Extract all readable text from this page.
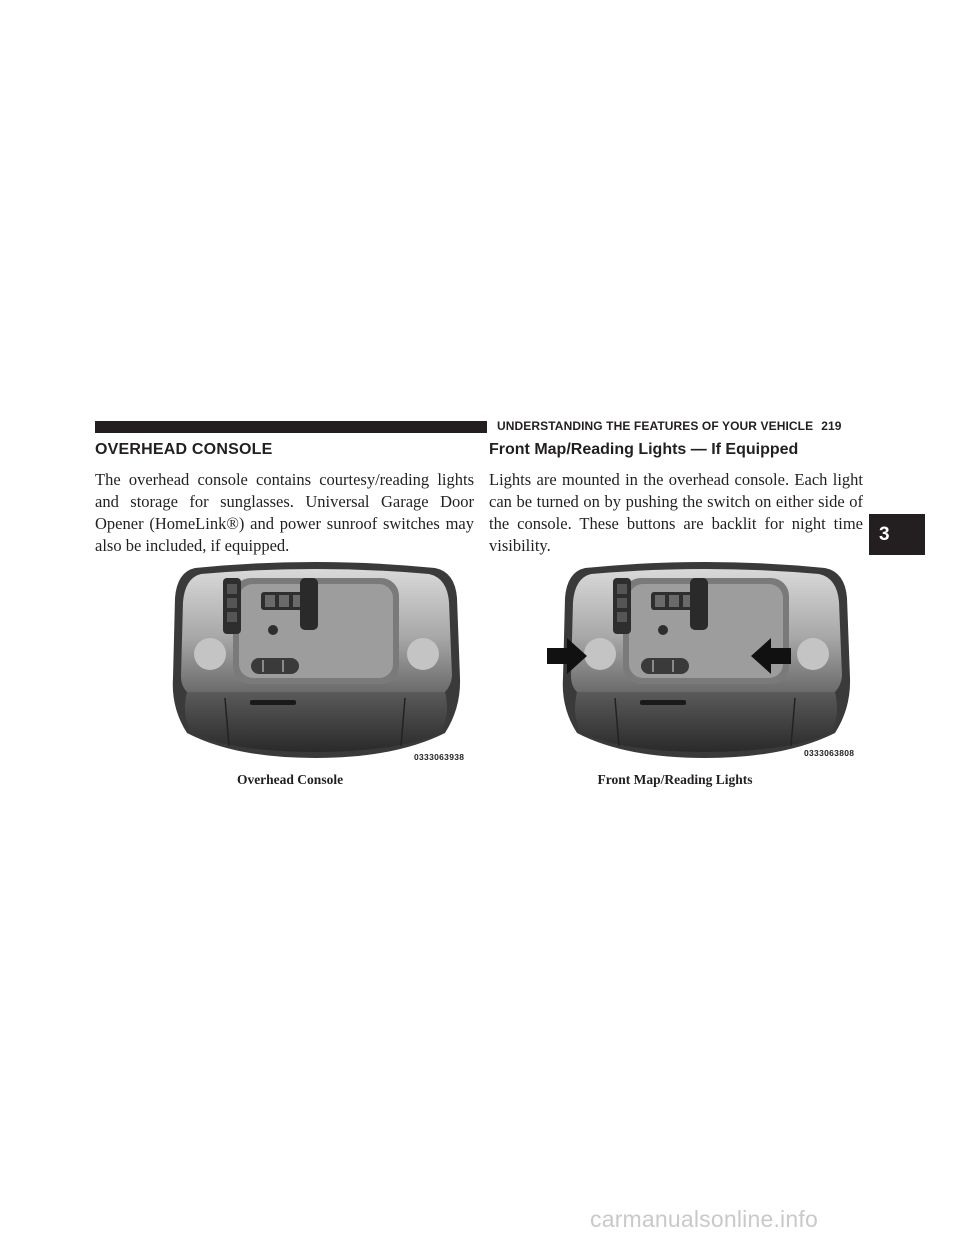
UNDERSTANDING THE FEATURES OF YOUR VEHICLE 219
3
OVERHEAD CONSOLE

The overhead console contains courtesy/reading lights and storage for sunglasses. Universal Garage Door Opener (HomeLink®) and power sunroof switches may also be included, if equipped.

Front Map/Reading Lights — If Equipped

Lights are mounted in the overhead console. Each light can be turned on by pushing the switch on either side of the console. These buttons are backlit for night time visibility.

0333063938
Overhead Console
0333063808
Front Map/Reading Lights
carmanualsonline.info
